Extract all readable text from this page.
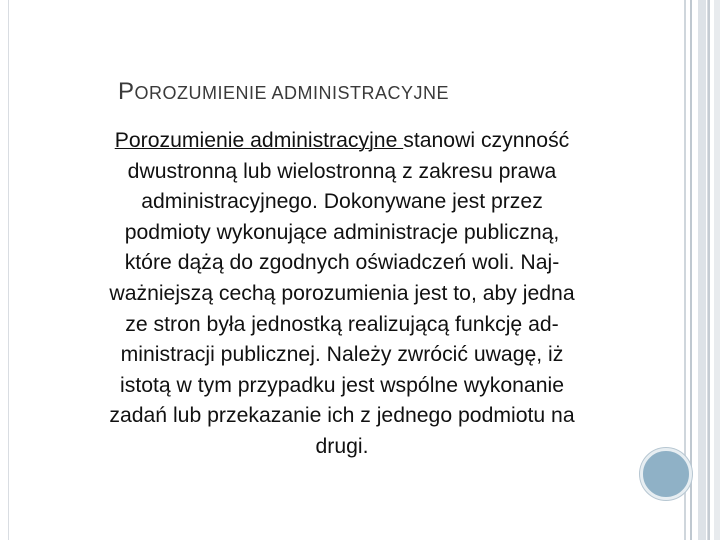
POROZUMIENIE ADMINISTRACYJNE
Porozumienie administracyjne stanowi czynność
dwustronną lub wielostronną z zakresu prawa
administracyjnego. Dokonywane jest przez
podmioty wykonujące administracje publiczną,
które dążą do zgodnych oświadczeń woli. Naj-
ważniejszą cechą porozumienia jest to, aby jedna
ze stron była jednostką realizującą funkcję ad-
ministracji publicznej. Należy zwrócić uwagę, iż
istotą w tym przypadku jest wspólne wykonanie
zadań lub przekazanie ich z jednego podmiotu na
drugi.
